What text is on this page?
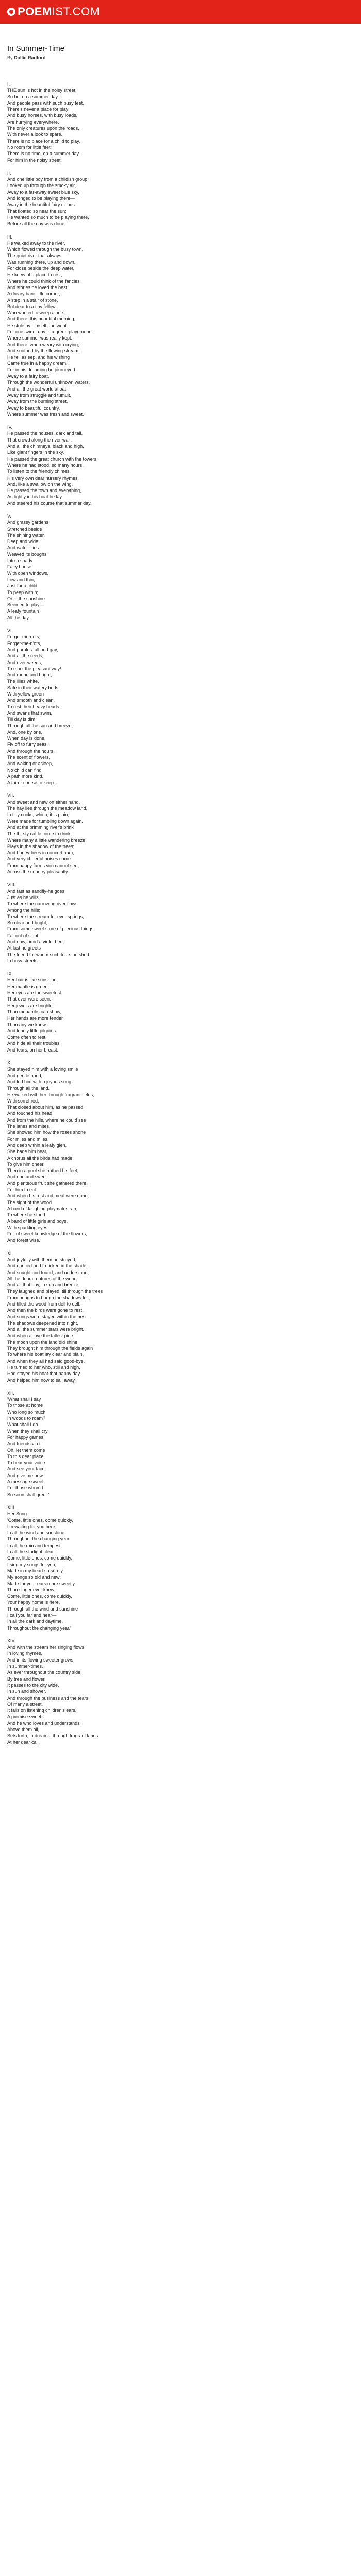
POEMIST.COM
In Summer-Time
By Dollie Radford
I.
THE sun is hot in the noisy street,
So hot on a summer day,
And people pass with such busy feet,
There's never a place for play;
And busy horses, with busy loads,
Are hurrying everywhere,
The only creatures upon the roads,
With never a look to spare.
There is no place for a child to play,
No room for little feet;
There is no time, on a summer day,
For him in the noisy street.
II.
And one little boy from a childish group,
Looked up through the smoky air,
Away to a far-away sweet blue sky,
And longed to be playing there—
Away in the beautiful fairy clouds
That floated so near the sun;
He wanted so much to be playing there,
Before all the day was done.
III.
He walked away to the river,
Which flowed through the busy town,
The quiet river that always
Was running there, up and down,
For close beside the deep water,
He knew of a place to rest,
Where he could think of the fancies
And stories he loved the best.
A dreary bare little corner,
A step in a stair of stone,
But dear to a tiny fellow
Who wanted to weep alone.
And there, this beautiful morning,
He stole by himself and wept
For one sweet day in a green playground
Where summer was really kept.
And there, when weary with crying,
And soothed by the flowing stream,
He fell asleep, and his wishing
Came true in a happy dream.
For in his dreaming he journeyed
Away to a fairy boat,
Through the wonderful unknown waters,
And all the great world afloat.
Away from struggle and tumult,
Away from the burning street,
Away to beautiful country,
Where summer was fresh and sweet.
IV.
He passed the houses, dark and tall,
That crowd along the river-wall,
And all the chimneys, black and high,
Like giant fingers in the sky.
He passed the great church with the towers,
Where he had stood, so many hours,
To listen to the friendly chimes,
His very own dear nursery rhymes.
And, like a swallow on the wing,
He passed the town and everything,
As lightly in his boat he lay
And steered his course that summer day.
V.
And grassy gardens
Stretched beside
The shining water,
Deep and wide;
And water-lilies
Weaved its boughs
Into a shady
Fairy house,
With open windows,
Low and thin,
Just for a child
To peep within;
Or in the sunshine
Seemed to play—
A leafy fountain
All the day.
VI.
Forget-me-nots,
Forget-me-n'ots,
And purples tall and gay,
And all the reeds,
And river-weeds,
To mark the pleasant way!
And round and bright,
The lilies white,
Safe in their watery beds,
With yellow green
And smooth and clean,
To rest their heavy heads.
And swans that swim,
Till day is dim,
Through all the sun and breeze,
And, one by one,
When day is done,
Fly off to furry seas!
And through the hours,
The scent of flowers,
And waking or asleep,
No child can find
A path more kind,
A fairer course to keep.
VII.
And sweet and new on either hand,
The hay lies through the meadow land,
In tidy cocks, which, it is plain,
Were made for tumbling down again.
And at the brimming river's brink
The thirsty cattle come to drink,
Where many a little wandering breeze
Plays in the shadow of the trees;
And honey-bees in concert hum,
And very cheerful noises come
From happy farms you cannot see,
Across the country pleasantly.
VIII.
And fast as sandfly-he goes,
Just as he wills,
To where the narrowing river flows
Among the hills;
To where the stream for ever springs,
So clear and bright,
From some sweet store of precious things
Far out of sight.
And now, amid a violet bed,
At last he greets
The friend for whom such tears he shed
In busy streets.
IX.
Her hair is like sunshine,
Her mantle is green,
Her eyes are the sweetest
That ever were seen.
Her jewels are brighter
Than monarchs can show,
Her hands are more tender
Than any we know.
And lonely little pilgrims
Come often to rest,
And hide all their troubles
And tears, on her breast.
X.
She stayed him with a loving smile
And gentle hand;
And led him with a joyous song,
Through all the land.
He walked with her through fragrant fields,
With sorrel-red,
That closed about him, as he passed,
And touched his head.
And from the hills, where he could see
The lanes and mites,
She showed him how the roses shone
For miles and miles.
And deep within a leafy glen,
She bade him hear,
A chorus all the birds had made
To give him cheer.
Then in a pool she bathed his feet,
And ripe and sweet
And plenteous fruit she gathered there,
For him to eat.
And when his rest and meal were done,
The sight of the wood
A band of laughing playmates ran,
To where he stood.
A band of little girls and boys,
With sparkling eyes,
Full of sweet knowledge of the flowers,
And forest wise.
XI.
And joyfully with them he strayed,
And danced and frolicked in the shade,
And sought and found, and understood,
All the dear creatures of the wood.
And all that day, in sun and breeze,
They laughed and played, till through the trees
From boughs to bough the shadows fell,
And filled the wood from dell to dell.
And then the birds were gone to rest,
And songs were stayed within the nest.
The shadows deepened into night,
And all the summer stars were bright.
And when above the tallest pine
The moon upon the land did shine,
They brought him through the fields again
To where his boat lay clear and plain,
And when they all had said good-bye,
He turned to her who, still and high,
Had stayed his boat that happy day
And helped him now to sail away.
XII.
'What shall I say
To those at home
Who long so much
In woods to roam?
What shall I do
When they shall cry
For happy games
And friends via t'
Oh, let them come
To this dear place,
To hear your voice
And see your face;
And give me now
A message sweet,
For those whom I
So soon shall greet.'
XIII.
Her Song:
'Come, little ones, come quickly,
I'm waiting for you here,
In all the wind and sunshine,
Throughout the changing year;
In all the rain and tempest,
In all the starlight clear.
Come, little ones, come quickly,
I sing my songs for you;
Made in my heart so surely,
My songs so old and new;
Made for your ears more sweetly
Than singer ever knew.
Come, little ones, come quickly,
Your happy home is here,
Through all the wind and sunshine
I call you far and near—
In all the dark and daytime,
Throughout the changing year.'
XIV.
And with the stream her singing flows
In loving rhymes,
And in its flowing sweeter grows
In summer-times.
As ever throughout the country side,
By tree and flower,
It passes to the city wide,
In sun and shower.
And through the business and the tears
Of many a street,
It falls on listening children's ears,
A promise sweet;
And he who loves and understands
Above them all,
Sets forth, in dreams, through fragrant lands,
At her dear call.
